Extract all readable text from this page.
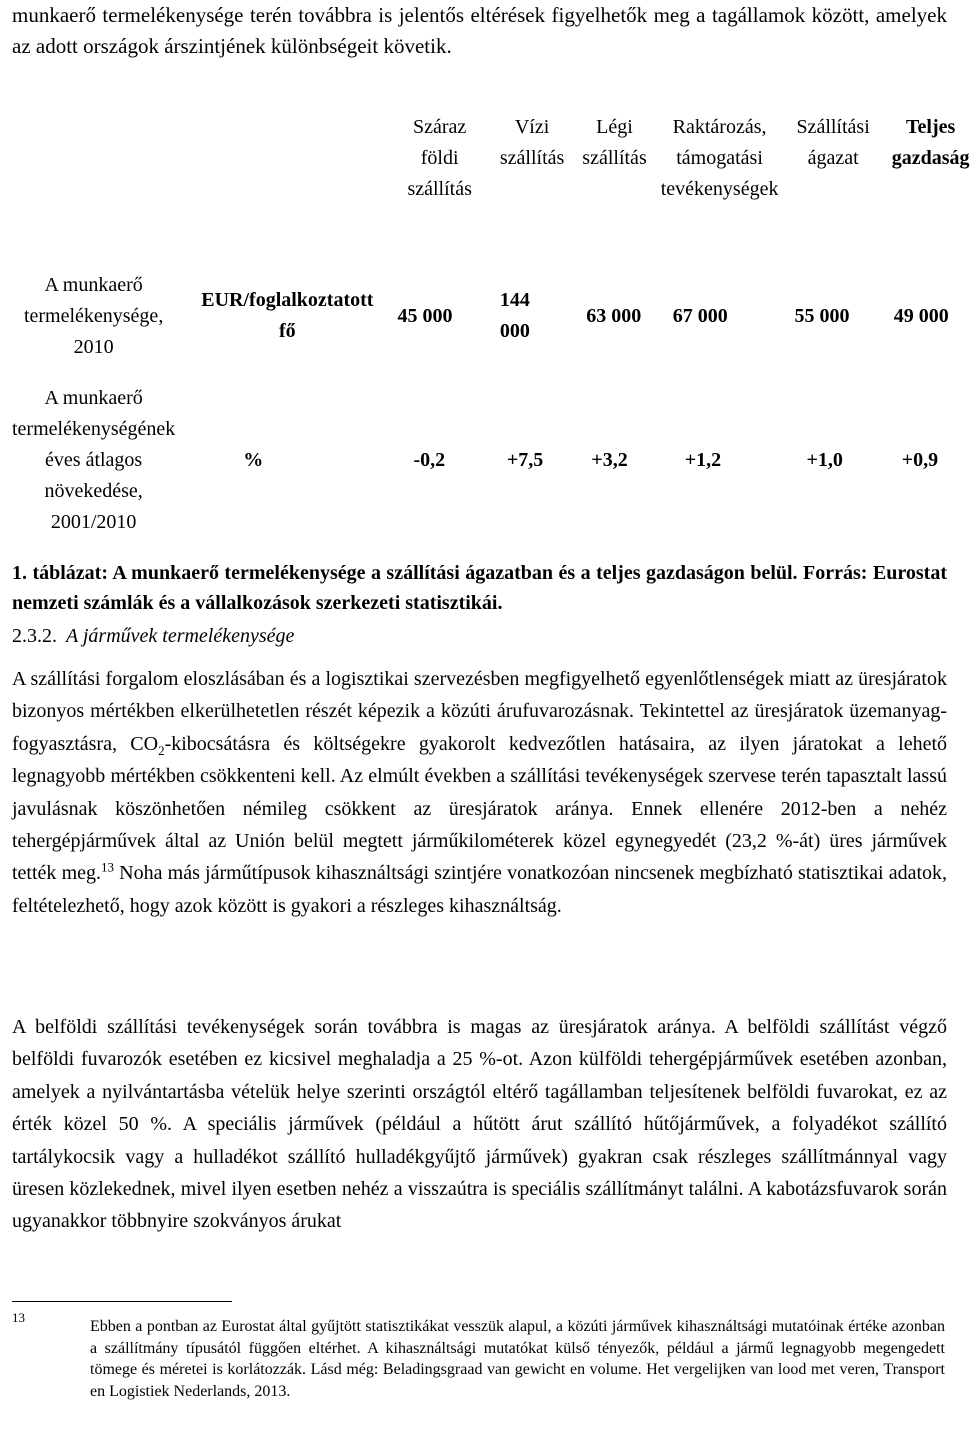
munkaerő termelékenysége terén továbbra is jelentős eltérések figyelhetők meg a tagállamok között, amelyek az adott országok árszintjének különbségeit követik.
		Száraz földi szállítás	Vízi szállítás	Légi szállítás	Raktározás, támogatási tevékenységek	Szállítási ágazat	Teljes gazdaság
A munkaerő termelékenysége, 2010	EUR/foglalkoztatott fő	45 000	144 000	63 000	67 000	55 000	49 000
A munkaerő termelékenységének éves átlagos növekedése, 2001/2010	%	-0,2	+7,5	+3,2	+1,2	+1,0	+0,9
1. táblázat: A munkaerő termelékenysége a szállítási ágazatban és a teljes gazdaságon belül. Forrás: Eurostat nemzeti számlák és a vállalkozások szerkezeti statisztikái.
2.3.2. A járművek termelékenysége
A szállítási forgalom eloszlásában és a logisztikai szervezésben megfigyelhető egyenlőtlenségek miatt az üresjáratok bizonyos mértékben elkerülhetetlen részét képezik a közúti árufuvarozásnak. Tekintettel az üresjáratok üzemanyag-fogyasztásra, $CO_2$-kibocsátásra és költségekre gyakorolt kedvezőtlen hatásaira, az ilyen járatokat a lehető legnagyobb mértékben csökkenteni kell. Az elmúlt években a szállítási tevékenységek szervese terén tapasztalt lassú javulásnak köszönhetően némileg csökkent az üresjáratok aránya. Ennek ellenére 2012-ben a nehéz tehergépjárművek által az Unión belül megtett járműkilométerek közel egynegyedét (23,2 %-át) üres járművek tették meg.$^{13}$ Noha más járműtípusok kihasználtsági szintjére vonatkozóan nincsenek megbízható statisztikai adatok, feltételezhető, hogy azok között is gyakori a részleges kihasználtság.
A belföldi szállítási tevékenységek során továbbra is magas az üresjáratok aránya. A belföldi szállítást végző belföldi fuvarozók esetében ez kicsivel meghaladja a 25 %-ot. Azon külföldi tehergépjárművek esetében azonban, amelyek a nyilvántartásba vételük helye szerinti országtól eltérő tagállamban teljesítenek belföldi fuvarokat, ez az érték közel 50 %. A speciális járművek (például a hűtött árut szállító hűtőjárművek, a folyadékot szállító tartálykocsik vagy a hulladékot szállító hulladékgyűjtő járművek) gyakran csak részleges szállítmánnyal vagy üresen közlekednek, mivel ilyen esetben nehéz a visszaútra is speciális szállítmányt találni. A kabotázsfuvarok során ugyanakkor többnyire szokványos árukat
13
Ebben a pontban az Eurostat által gyűjtött statisztikákat vesszük alapul, a közúti járművek kihasználtsági mutatóinak értéke azonban a szállítmány típusától függően eltérhet. A kihasználtsági mutatókat külső tényezők, például a jármű legnagyobb megengedett tömege és méretei is korlátozzák. Lásd még: Beladingsgraad van gewicht en volume. Het vergelijken van lood met veren, Transport en Logistiek Nederlands, 2013.
